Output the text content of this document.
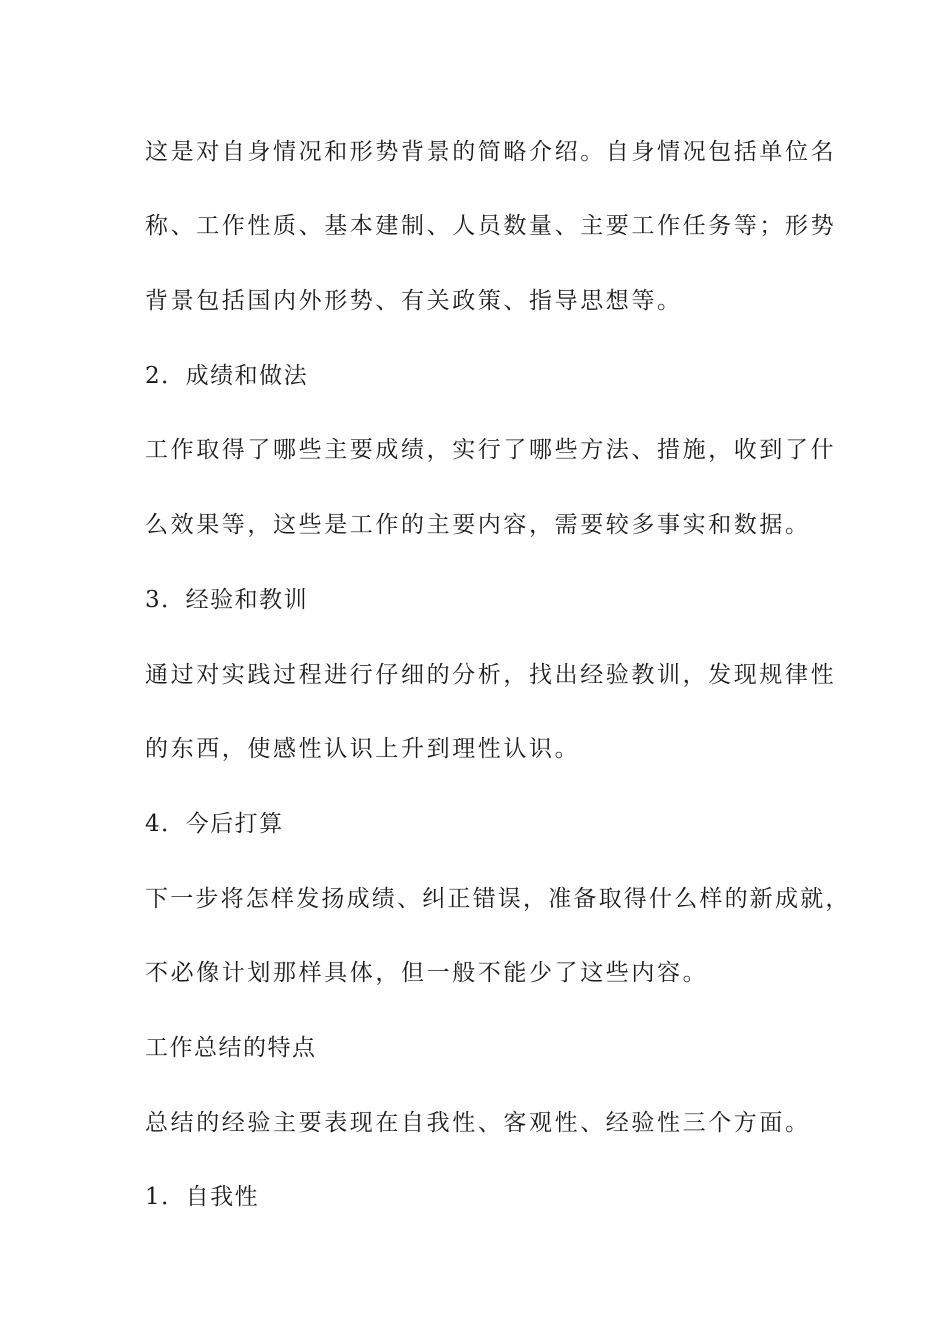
这是对自身情况和形势背景的简略介绍。自身情况包括单位名
称、工作性质、基本建制、人员数量、主要工作任务等；形势
背景包括国内外形势、有关政策、指导思想等。
2．成绩和做法
工作取得了哪些主要成绩，实行了哪些方法、措施，收到了什
么效果等，这些是工作的主要内容，需要较多事实和数据。
3．经验和教训
通过对实践过程进行仔细的分析，找出经验教训，发现规律性
的东西，使感性认识上升到理性认识。
4．今后打算
下一步将怎样发扬成绩、纠正错误，准备取得什么样的新成就，
不必像计划那样具体，但一般不能少了这些内容。
工作总结的特点
总结的经验主要表现在自我性、客观性、经验性三个方面。
1．自我性
